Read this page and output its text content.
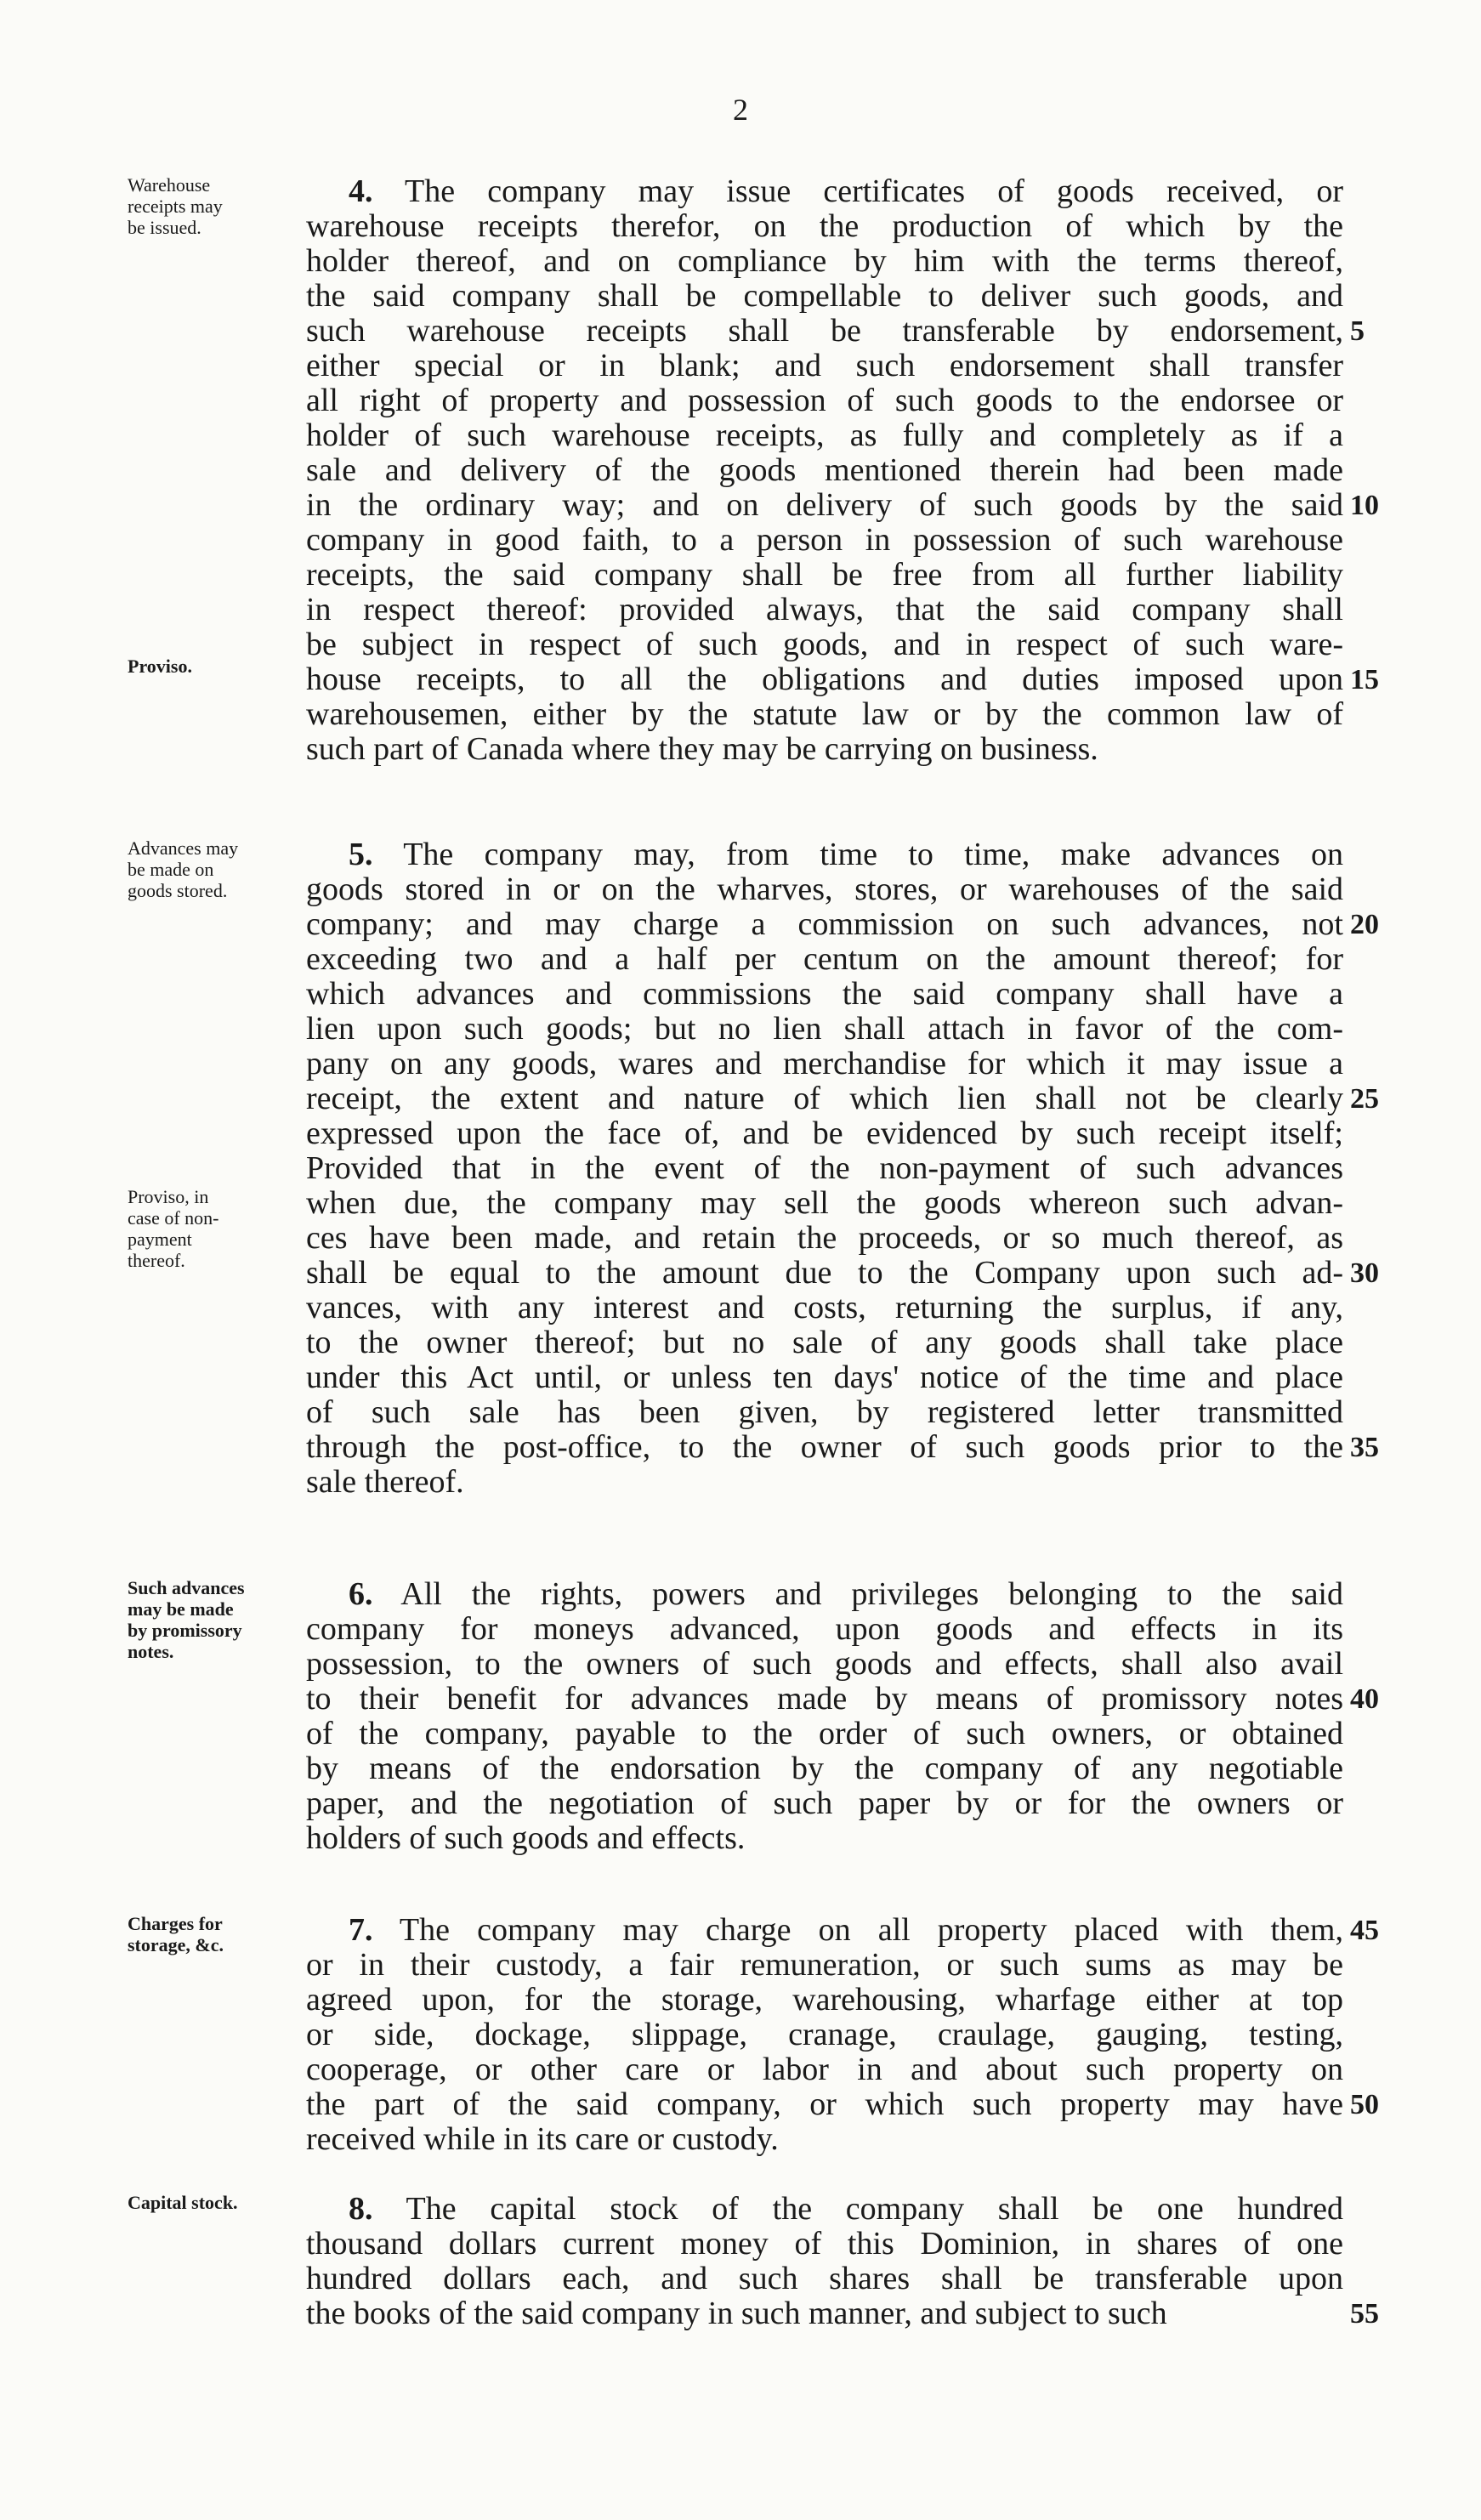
2
Warehouse
receipts may
be issued.
Proviso.
4. The company may issue certificates of goods received, or
warehouse receipts therefor, on the production of which by the
holder thereof, and on compliance by him with the terms thereof,
the said company shall be compellable to deliver such goods, and
such warehouse receipts shall be transferable by endorsement, 5
either special or in blank; and such endorsement shall transfer
all right of property and possession of such goods to the endorsee or
holder of such warehouse receipts, as fully and completely as if a
sale and delivery of the goods mentioned therein had been made
in the ordinary way; and on delivery of such goods by the said 10
company in good faith, to a person in possession of such warehouse
receipts, the said company shall be free from all further liability
in respect thereof: provided always, that the said company shall
be subject in respect of such goods, and in respect of such ware-
house receipts, to all the obligations and duties imposed upon 15
warehousemen, either by the statute law or by the common law of
such part of Canada where they may be carrying on business.
Advances may
be made on
goods stored.
Proviso, in
case of non-
payment
thereof.
5. The company may, from time to time, make advances on
goods stored in or on the wharves, stores, or warehouses of the said
company; and may charge a commission on such advances, not 20
exceeding two and a half per centum on the amount thereof; for
which advances and commissions the said company shall have a
lien upon such goods; but no lien shall attach in favor of the com-
pany on any goods, wares and merchandise for which it may issue a
receipt, the extent and nature of which lien shall not be clearly 25
expressed upon the face of, and be evidenced by such receipt itself;
Provided that in the event of the non-payment of such advances
when due, the company may sell the goods whereon such advan-
ces have been made, and retain the proceeds, or so much thereof, as
shall be equal to the amount due to the Company upon such ad- 30
vances, with any interest and costs, returning the surplus, if any,
to the owner thereof; but no sale of any goods shall take place
under this Act until, or unless ten days' notice of the time and place
of such sale has been given, by registered letter transmitted
through the post-office, to the owner of such goods prior to the 35
sale thereof.
Such advances
may be made
by promissory
notes.
6. All the rights, powers and privileges belonging to the said
company for moneys advanced, upon goods and effects in its
possession, to the owners of such goods and effects, shall also avail
to their benefit for advances made by means of promissory notes 40
of the company, payable to the order of such owners, or obtained
by means of the endorsation by the company of any negotiable
paper, and the negotiation of such paper by or for the owners or
holders of such goods and effects.
Charges for
storage, &c.	7. The company may charge on all property placed with them, 45
or in their custody, a fair remuneration, or such sums as may be
agreed upon, for the storage, warehousing, wharfage either at top
or side, dockage, slippage, cranage, craulage, gauging, testing,
cooperage, or other care or labor in and about such property on
the part of the said company, or which such property may have 50
received while in its care or custody.
Capital stock.	8. The capital stock of the company shall be one hundred
thousand dollars current money of this Dominion, in shares of one
hundred dollars each, and such shares shall be transferable upon
the books of the said company in such manner, and subject to such	55
